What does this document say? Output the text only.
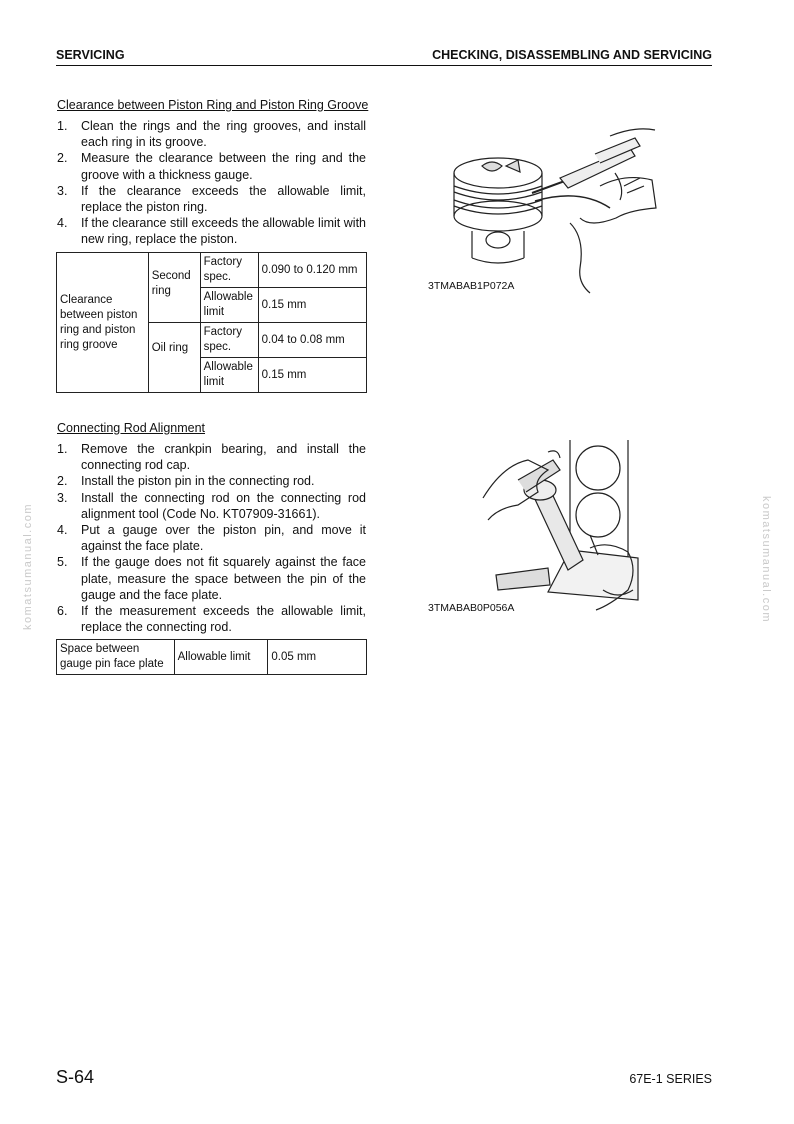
SERVICING	CHECKING, DISASSEMBLING AND SERVICING
Clearance between Piston Ring and Piston Ring Groove
1. Clean the rings and the ring grooves, and install each ring in its groove.
2. Measure the clearance between the ring and the groove with a thickness gauge.
3. If the clearance exceeds the allowable limit, replace the piston ring.
4. If the clearance still exceeds the allowable limit with new ring, replace the piston.
Clearance between piston ring and piston ring groove	Second ring	Factory spec.	0.090 to 0.120 mm
		Allowable limit	0.15 mm
	Oil ring	Factory spec.	0.04 to 0.08 mm
		Allowable limit	0.15 mm
3TMABAB1P072A
Connecting Rod Alignment
1. Remove the crankpin bearing, and install the connecting rod cap.
2. Install the piston pin in the connecting rod.
3. Install the connecting rod on the connecting rod alignment tool (Code No. KT07909-31661).
4. Put a gauge over the piston pin, and move it against the face plate.
5. If the gauge does not fit squarely against the face plate, measure the space between the pin of the gauge and the face plate.
6. If the measurement exceeds the allowable limit, replace the connecting rod.
Space between gauge pin face plate	Allowable limit	0.05 mm
3TMABAB0P056A
komatsumanual.com	komatsumanual.com
S-64	67E-1 SERIES
